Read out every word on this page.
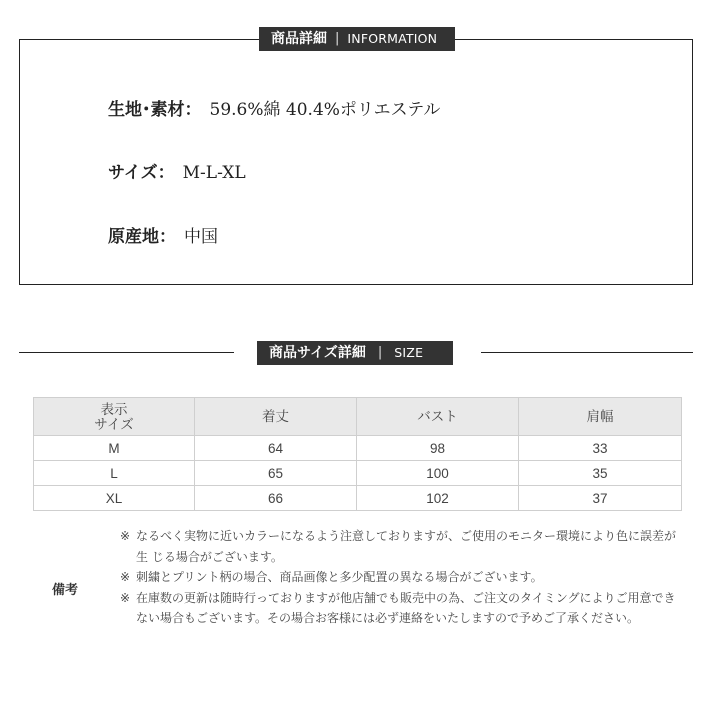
商品詳細 | INFORMATION
生地･素材： 59.6%綿 40.4%ポリエステル
サイズ： M-L-XL
原産地： 中国
商品サイズ詳細 | SIZE
表示
サイズ	着丈	バスト	肩幅
M	64	98	33
L	65	100	35
XL	66	102	37
備考
※ なるべく実物に近いカラーになるよう注意しておりますが、ご使用のモニター環境により色に誤差が生 じる場合がございます。
※ 刺繍とプリント柄の場合、商品画像と多少配置の異なる場合がございます。
※ 在庫数の更新は随時行っておりますが他店舗でも販売中の為、ご注文のタイミングによりご用意できない場合もございます。その場合お客様には必ず連絡をいたしますので予めご了承ください。
